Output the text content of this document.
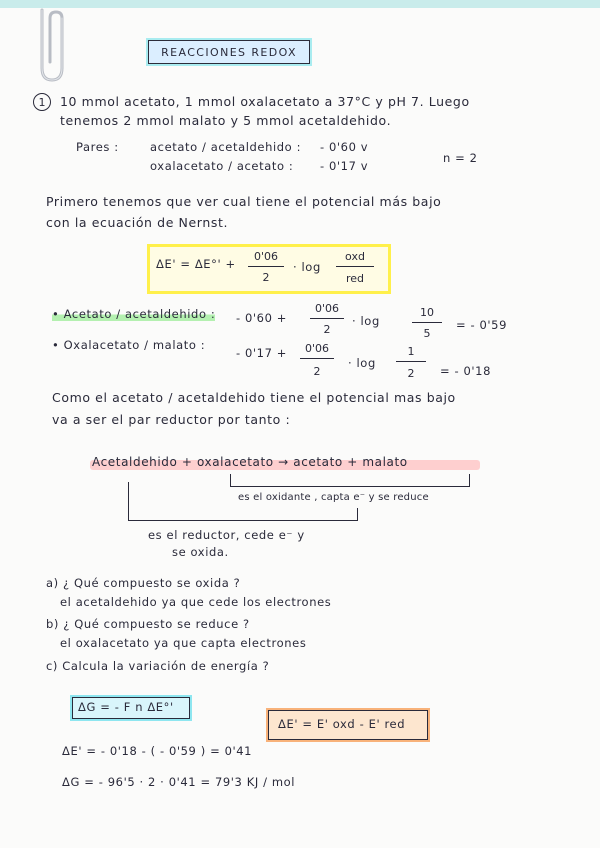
REACCIONES REDOX
1	10 mmol acetato, 1 mmol oxalacetato a 37°C y pH 7. Luego
tenemos 2 mmol malato y 5 mmol acetaldehido.
Pares :	acetato / acetaldehido : - 0'60 v
oxalacetato / acetato : - 0'17 v
n = 2
Primero tenemos que ver cual tiene el potencial más bajo
con la ecuación de Nernst.
ΔE' = ΔE°' +
0'06
2
· log
oxd
red
• Acetato / acetaldehido : - 0'60 +
0'06
2
· log
10
5
= - 0'59
• Oxalacetato / malato :
- 0'17 +	0'06
2
· log
1
2	= - 0'18
Como el acetato / acetaldehido tiene el potencial mas bajo
va a ser el par reductor por tanto :
Acetaldehido + oxalacetato → acetato + malato
es el oxidante , capta e⁻ y se reduce
es el reductor, cede e⁻ y
se oxida.
a) ¿ Qué compuesto se oxida ?
el acetaldehido ya que cede los electrones
b) ¿ Qué compuesto se reduce ?
el oxalacetato ya que capta electrones
c) Calcula la variación de energía ?
ΔG = - F n ΔE°'
ΔE' = E' oxd - E' red
ΔE' = - 0'18 - ( - 0'59 ) = 0'41
ΔG = - 96'5 · 2 · 0'41 = 79'3 KJ / mol
